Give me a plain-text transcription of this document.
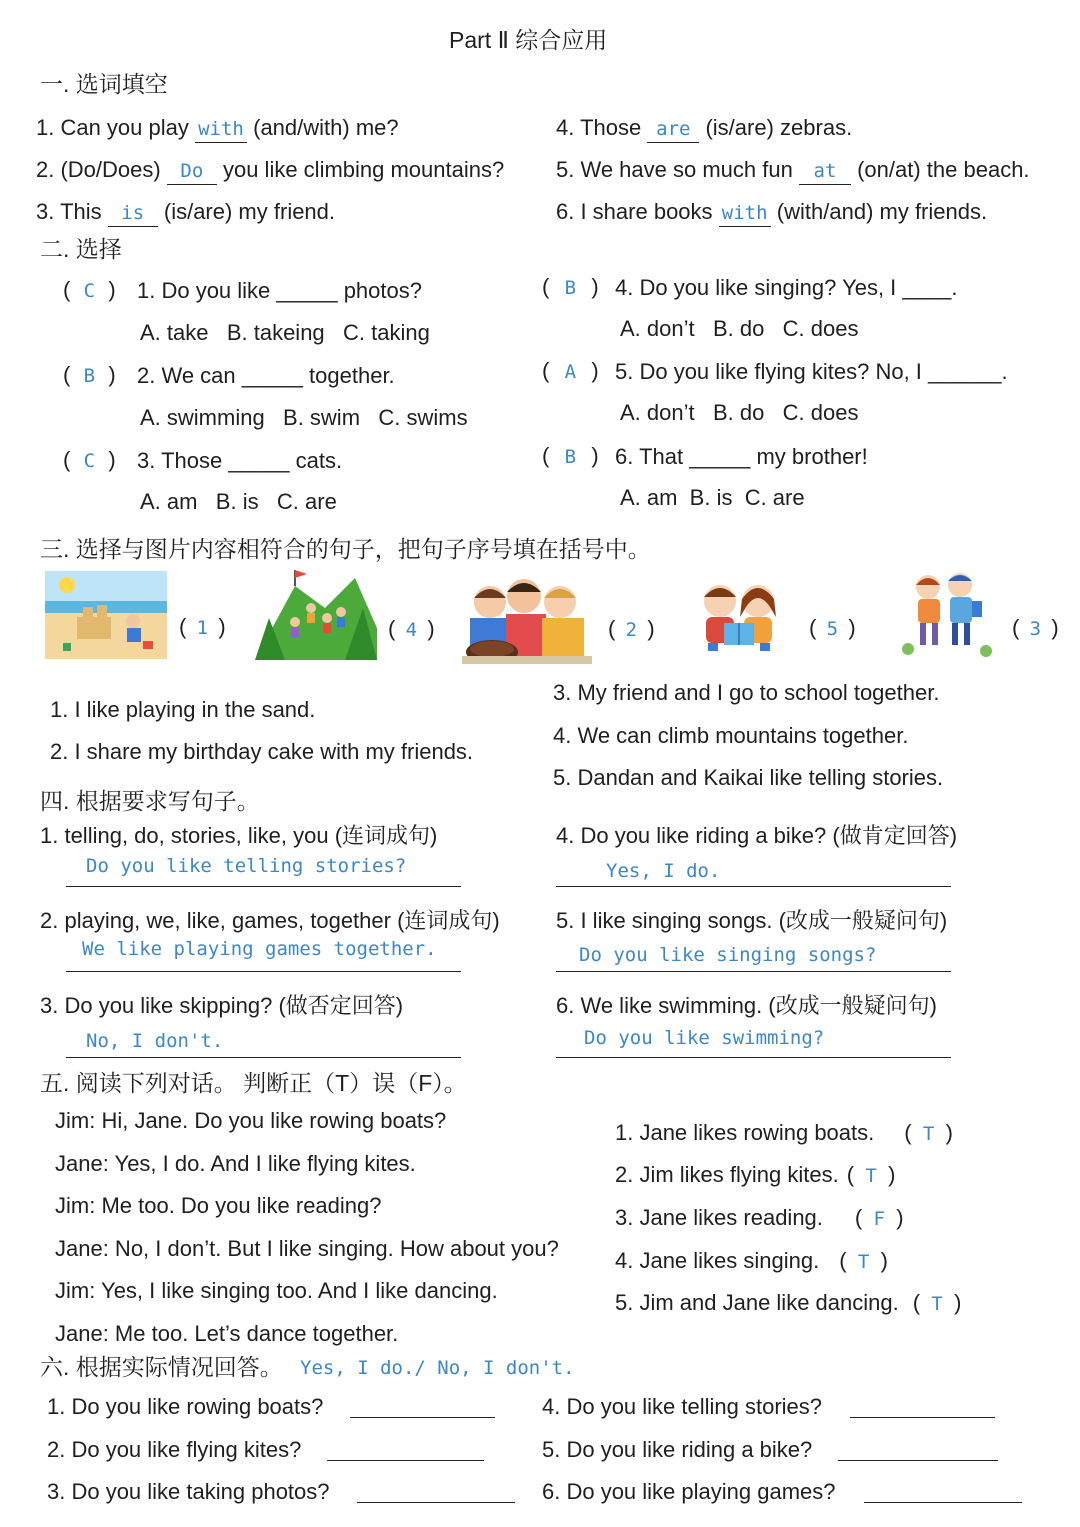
Part Ⅱ 综合应用
一. 选词填空
1. Can you play with (and/with) me?
2. (Do/Does) Do you like climbing mountains?
3. This is (is/are) my friend.
4. Those are (is/are) zebras.
5. We have so much fun at (on/at) the beach.
6. I share books with (with/and) my friends.
二. 选择
( C ) 1. Do you like _____ photos?
A. take   B. takeing   C. taking
( B ) 2. We can _____ together.
A. swimming   B. swim   C. swims
( C ) 3. Those _____ cats.
A. am   B. is   C. are
( B ) 4. Do you like singing? Yes, I ____.
A. don’t   B. do   C. does
( A ) 5. Do you like flying kites? No, I ______.
A. don’t   B. do   C. does
( B ) 6. That _____ my brother!
A. am  B. is  C. are
三. 选择与图片内容相符合的句子，把句子序号填在括号中。
( 1 )	( 4 )	( 2 )	( 5 )	( 3 )
1. I like playing in the sand.
2. I share my birthday cake with my friends.
3. My friend and I go to school together.
4. We can climb mountains together.
5. Dandan and Kaikai like telling stories.
四. 根据要求写句子。
1. telling, do, stories, like, you (连词成句)
Do you like telling stories?
2. playing, we, like, games, together (连词成句)
We like playing games together.
3. Do you like skipping? (做否定回答)
No, I don't.
4. Do you like riding a bike? (做肯定回答)
Yes, I do.
5. I like singing songs. (改成一般疑问句)
Do you like singing songs?
6. We like swimming. (改成一般疑问句)
Do you like swimming?
五. 阅读下列对话。 判断正（T）误（F）。
Jim: Hi, Jane. Do you like rowing boats?
Jane: Yes, I do. And I like flying kites.
Jim: Me too. Do you like reading?
Jane: No, I don’t. But I like singing. How about you?
Jim: Yes, I like singing too. And I like dancing.
Jane: Me too. Let’s dance together.
1. Jane likes rowing boats. ( T )
2. Jim likes flying kites. ( T )
3. Jane likes reading. ( F )
4. Jane likes singing. ( T )
5. Jim and Jane like dancing. ( T )
六. 根据实际情况回答。 Yes, I do./ No, I don't.
1. Do you like rowing boats?
2. Do you like flying kites?
3. Do you like taking photos?
4. Do you like telling stories?
5. Do you like riding a bike?
6. Do you like playing games?
